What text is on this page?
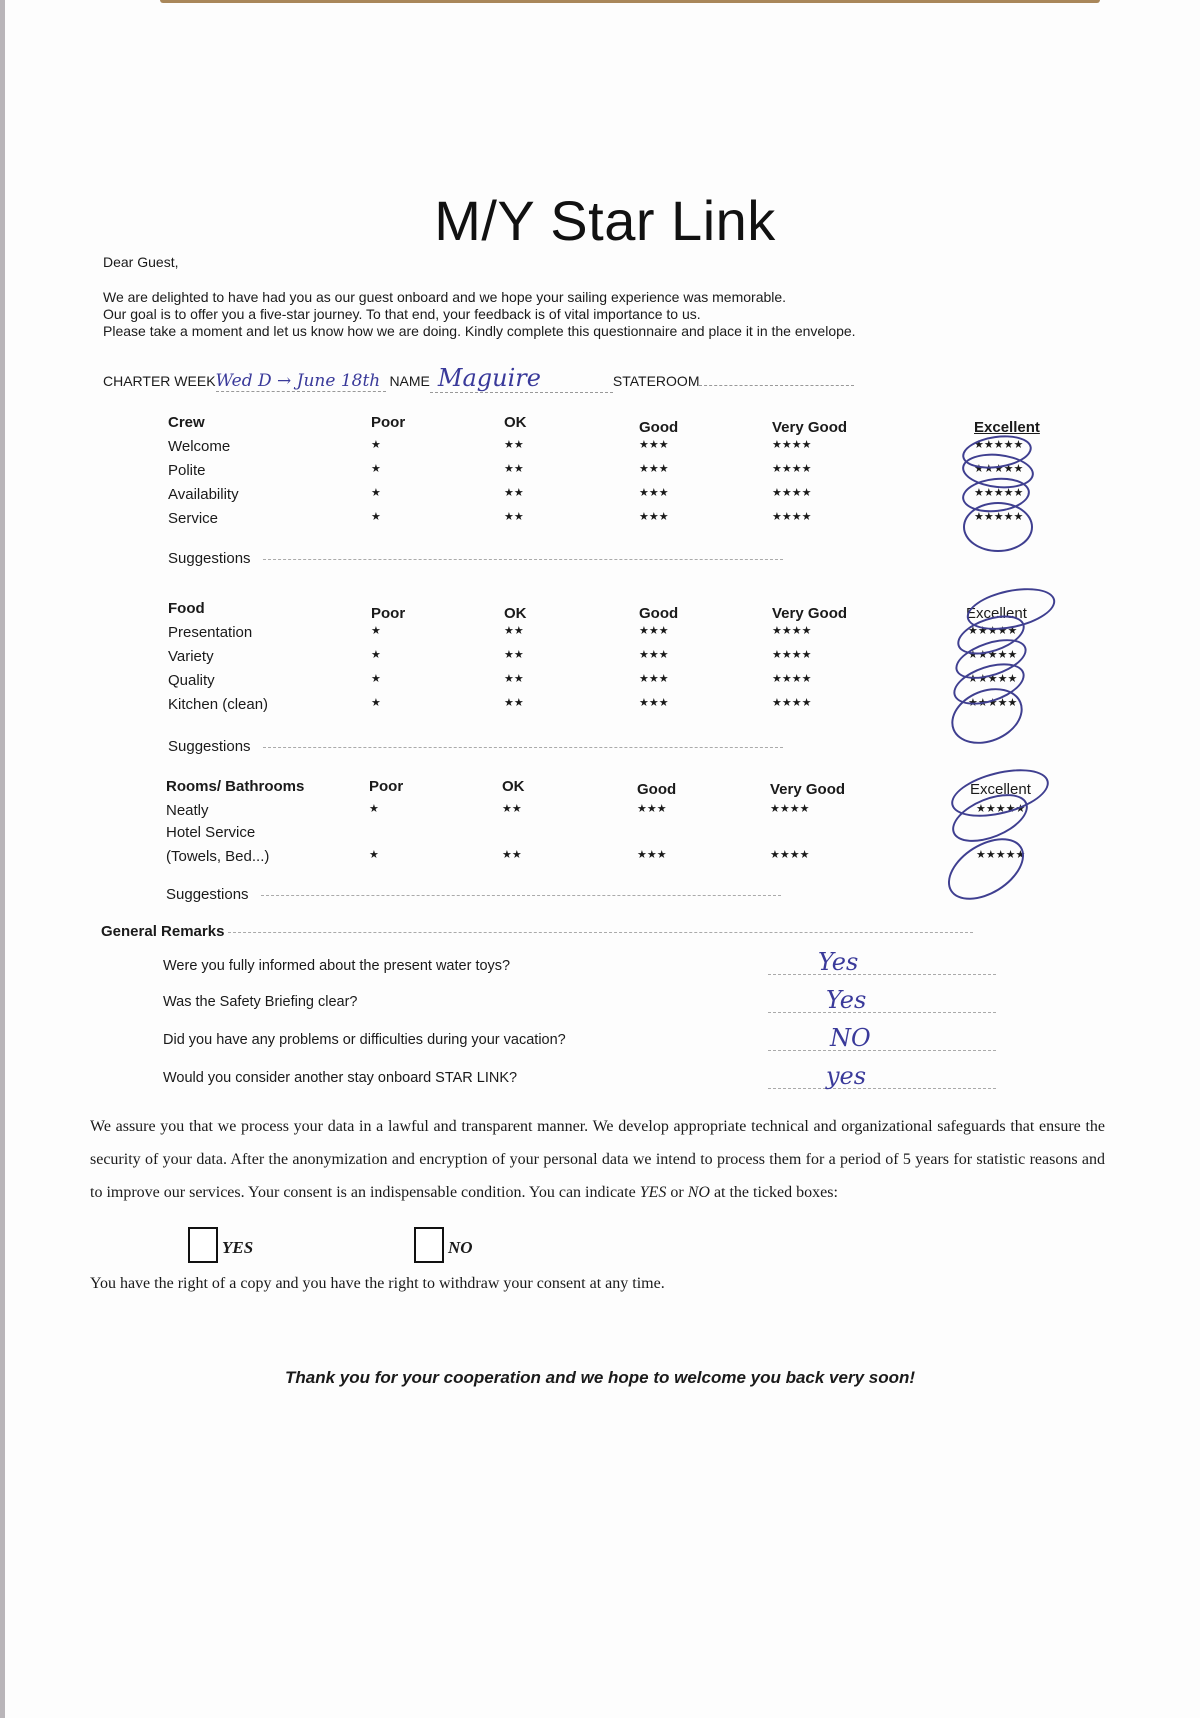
M/Y Star Link
Dear Guest,
We are delighted to have had you as our guest onboard and we hope your sailing experience was memorable.
Our goal is to offer you a five-star journey. To that end, your feedback is of vital importance to us.
Please take a moment and let us know how we are doing. Kindly complete this questionnaire and place it in the envelope.
CHARTER WEEKWed D → June 18th NAME Maguire	STATEROOM
Crew	Poor	OK	Good	Very Good	Excellent
Welcome	★	★★	★★★	★★★★	★★★★★
Polite	★	★★	★★★	★★★★	★★★★★
Availability	★	★★	★★★	★★★★	★★★★★
Service	★	★★	★★★	★★★★	★★★★★
Suggestions
Food	Poor	OK	Good	Very Good	Excellent
Presentation	★	★★	★★★	★★★★	★★★★★
Variety	★	★★	★★★	★★★★	★★★★★
Quality	★	★★	★★★	★★★★	★★★★★
Kitchen (clean)	★	★★	★★★	★★★★	★★★★★
Suggestions
Rooms/ Bathrooms	Poor	OK	Good	Very Good	Excellent
Neatly	★	★★	★★★	★★★★	★★★★★
Hotel Service
(Towels, Bed...)	★	★★	★★★	★★★★	★★★★★
Suggestions
General Remarks
Were you fully informed about the present water toys?	Yes
Was the Safety Briefing clear?	Yes
Did you have any problems or difficulties during your vacation?	NO
Would you consider another stay onboard STAR LINK?	yes
We assure you that we process your data in a lawful and transparent manner. We develop appropriate technical and organizational safeguards that ensure the security of your data. After the anonymization and encryption of your personal data we intend to process them for a period of 5 years for statistic reasons and to improve our services. Your consent is an indispensable condition. You can indicate YES or NO at the ticked boxes:
YES	NO
You have the right of a copy and you have the right to withdraw your consent at any time.
Thank you for your cooperation and we hope to welcome you back very soon!
